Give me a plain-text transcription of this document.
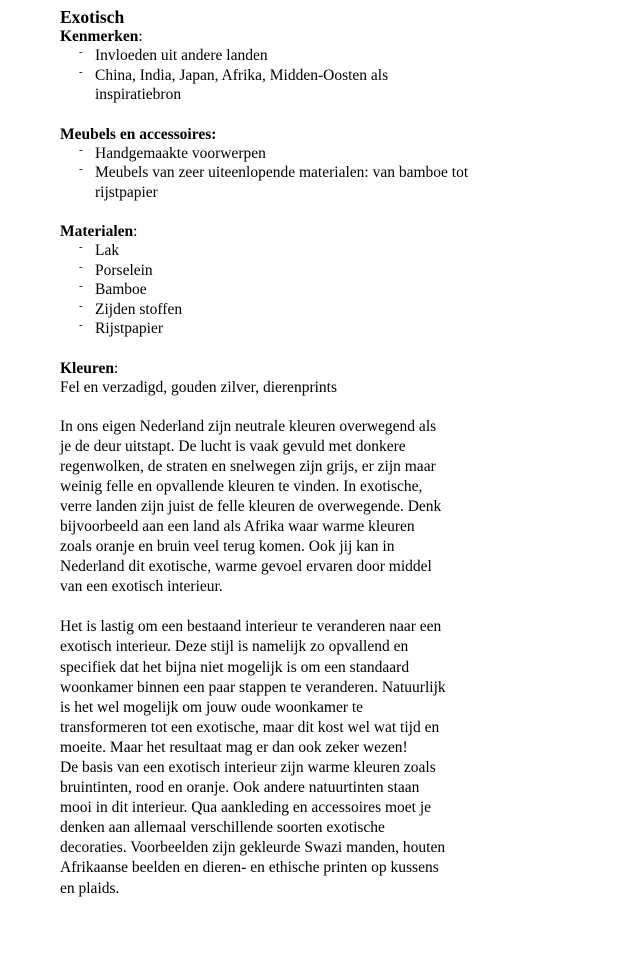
Exotisch

Kenmerken:

- Invloeden uit andere landen
- China, India, Japan, Afrika, Midden-Oosten als
inspiratiebron

Meubels en accessoires:

- Handgemaakte voorwerpen
- Meubels van zeer uiteenlopende materialen: van bamboe tot
rijstpapier

Materialen:

- Lak
- Porselein
- Bamboe
- Zijden stoffen
- Rijstpapier

Kleuren:

Fel en verzadigd, gouden zilver, dierenprints

In ons eigen Nederland zijn neutrale kleuren overwegend als
je de deur uitstapt. De lucht is vaak gevuld met donkere
regenwolken, de straten en snelwegen zijn grijs, er zijn maar
weinig felle en opvallende kleuren te vinden. In exotische,
verre landen zijn juist de felle kleuren de overwegende. Denk
bijvoorbeeld aan een land als Afrika waar warme kleuren
zoals oranje en bruin veel terug komen. Ook jij kan in
Nederland dit exotische, warme gevoel ervaren door middel
van een exotisch interieur.

Het is lastig om een bestaand interieur te veranderen naar een
exotisch interieur. Deze stijl is namelijk zo opvallend en
specifiek dat het bijna niet mogelijk is om een standaard
woonkamer binnen een paar stappen te veranderen. Natuurlijk
is het wel mogelijk om jouw oude woonkamer te
transformeren tot een exotische, maar dit kost wel wat tijd en
moeite. Maar het resultaat mag er dan ook zeker wezen!
De basis van een exotisch interieur zijn warme kleuren zoals
bruintinten, rood en oranje. Ook andere natuurtinten staan
mooi in dit interieur. Qua aankleding en accessoires moet je
denken aan allemaal verschillende soorten exotische
decoraties. Voorbeelden zijn gekleurde Swazi manden, houten
Afrikaanse beelden en dieren- en ethische printen op kussens
en plaids.
